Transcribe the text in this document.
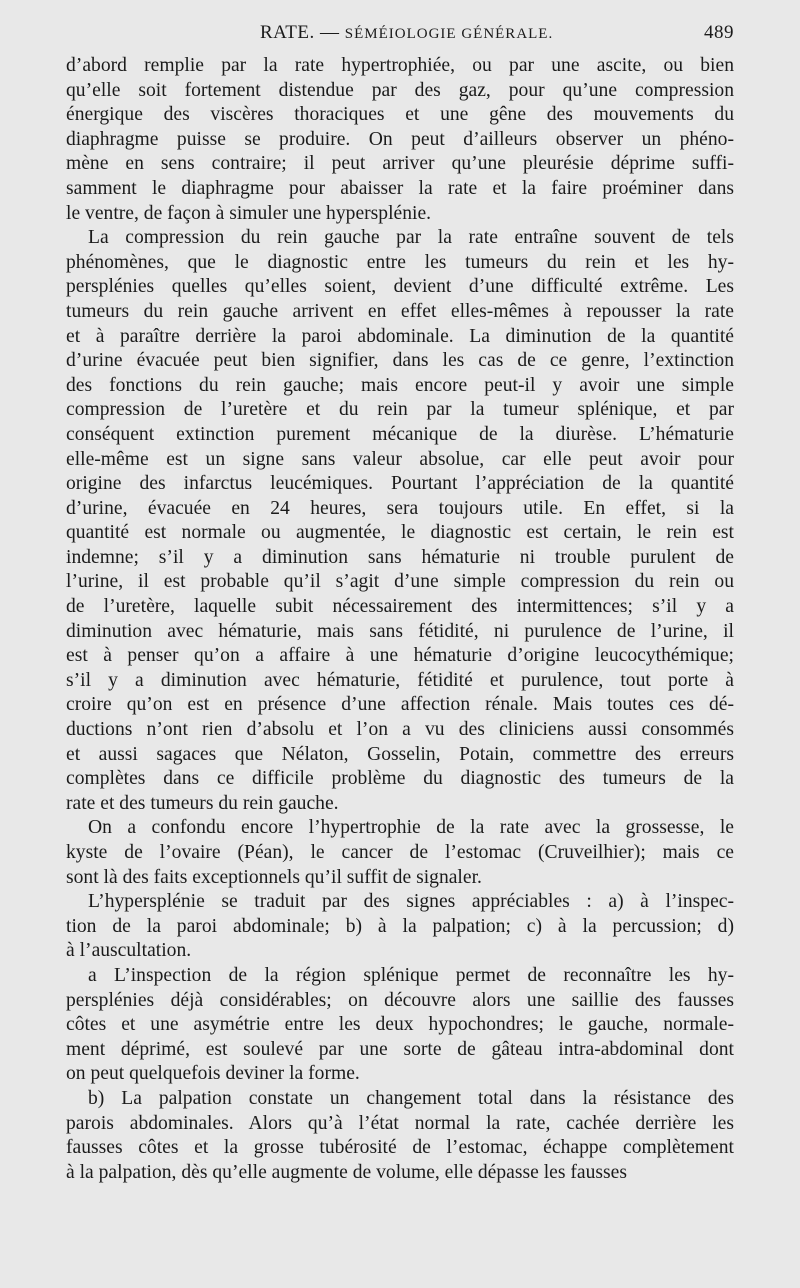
RATE. — SÉMÉIOLOGIE GÉNÉRALE.	489
d’abord remplie par la rate hypertrophiée, ou par une ascite, ou bien
qu’elle soit fortement distendue par des gaz, pour qu’une compression
énergique des viscères thoraciques et une gêne des mouvements du
diaphragme puisse se produire. On peut d’ailleurs observer un phéno-
mène en sens contraire; il peut arriver qu’une pleurésie déprime suffi-
samment le diaphragme pour abaisser la rate et la faire proéminer dans
le ventre, de façon à simuler une hypersplénie.
La compression du rein gauche par la rate entraîne souvent de tels
phénomènes, que le diagnostic entre les tumeurs du rein et les hy-
persplénies quelles qu’elles soient, devient d’une difficulté extrême. Les
tumeurs du rein gauche arrivent en effet elles-mêmes à repousser la rate
et à paraître derrière la paroi abdominale. La diminution de la quantité
d’urine évacuée peut bien signifier, dans les cas de ce genre, l’extinction
des fonctions du rein gauche; mais encore peut-il y avoir une simple
compression de l’uretère et du rein par la tumeur splénique, et par
conséquent extinction purement mécanique de la diurèse. L’hématurie
elle-même est un signe sans valeur absolue, car elle peut avoir pour
origine des infarctus leucémiques. Pourtant l’appréciation de la quantité
d’urine, évacuée en 24 heures, sera toujours utile. En effet, si la
quantité est normale ou augmentée, le diagnostic est certain, le rein est
indemne; s’il y a diminution sans hématurie ni trouble purulent de
l’urine, il est probable qu’il s’agit d’une simple compression du rein ou
de l’uretère, laquelle subit nécessairement des intermittences; s’il y a
diminution avec hématurie, mais sans fétidité, ni purulence de l’urine, il
est à penser qu’on a affaire à une hématurie d’origine leucocythémique;
s’il y a diminution avec hématurie, fétidité et purulence, tout porte à
croire qu’on est en présence d’une affection rénale. Mais toutes ces dé-
ductions n’ont rien d’absolu et l’on a vu des cliniciens aussi consommés
et aussi sagaces que Nélaton, Gosselin, Potain, commettre des erreurs
complètes dans ce difficile problème du diagnostic des tumeurs de la
rate et des tumeurs du rein gauche.
On a confondu encore l’hypertrophie de la rate avec la grossesse, le
kyste de l’ovaire (Péan), le cancer de l’estomac (Cruveilhier); mais ce
sont là des faits exceptionnels qu’il suffit de signaler.
L’hypersplénie se traduit par des signes appréciables : a) à l’inspec-
tion de la paroi abdominale; b) à la palpation; c) à la percussion; d)
à l’auscultation.
a L’inspection de la région splénique permet de reconnaître les hy-
persplénies déjà considérables; on découvre alors une saillie des fausses
côtes et une asymétrie entre les deux hypochondres; le gauche, normale-
ment déprimé, est soulevé par une sorte de gâteau intra-abdominal dont
on peut quelquefois deviner la forme.
b) La palpation constate un changement total dans la résistance des
parois abdominales. Alors qu’à l’état normal la rate, cachée derrière les
fausses côtes et la grosse tubérosité de l’estomac, échappe complètement
à la palpation, dès qu’elle augmente de volume, elle dépasse les fausses
